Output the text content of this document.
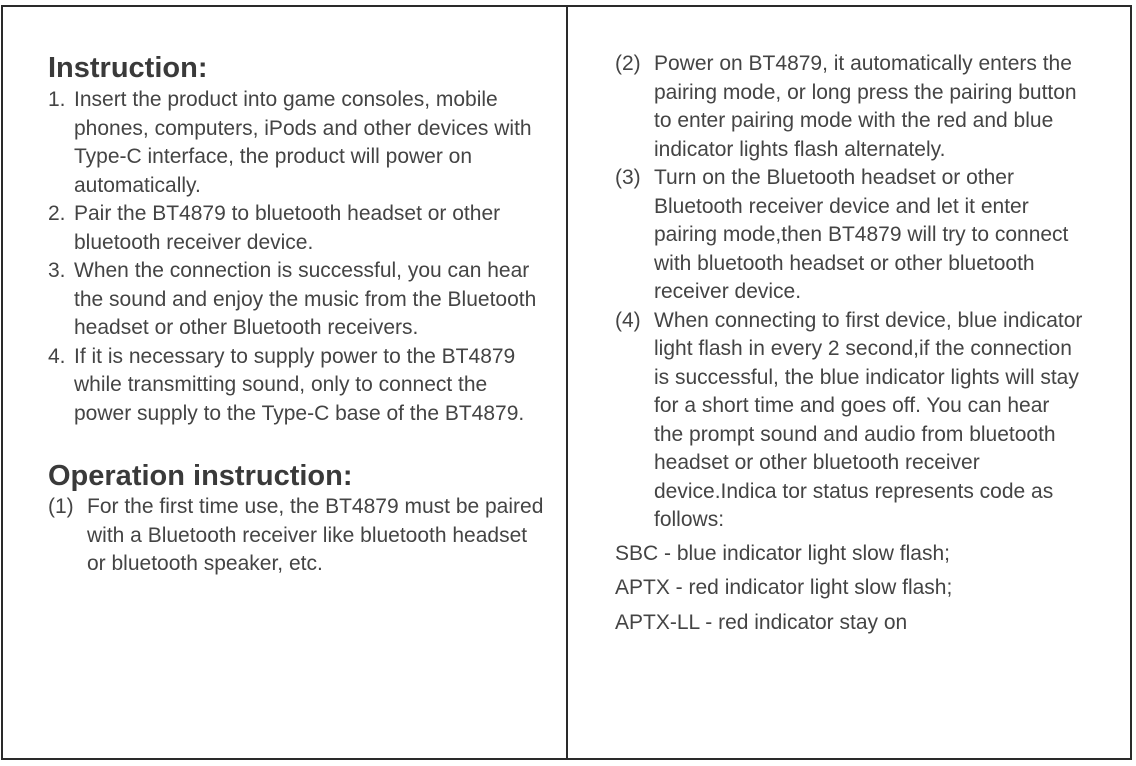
Instruction:
1. Insert the product into game consoles, mobile phones, computers, iPods and other devices with Type-C interface, the product will power on automatically.
2. Pair the BT4879 to bluetooth headset or other bluetooth receiver device.
3. When the connection is successful, you can hear the sound and enjoy the music from the Bluetooth headset or other Bluetooth receivers.
4. If it is necessary to supply power to the BT4879 while transmitting sound, only to connect the power supply to the Type-C base of the BT4879.
Operation instruction:
(1) For the first time use, the BT4879 must be paired with a Bluetooth receiver like bluetooth headset or bluetooth speaker, etc.
(2) Power on BT4879, it automatically enters the pairing mode, or long press the pairing button to enter pairing mode with the red and blue indicator lights flash alternately.
(3) Turn on the Bluetooth headset or other Bluetooth receiver device and let it enter pairing mode,then BT4879 will try to connect with bluetooth headset or other bluetooth receiver device.
(4) When connecting to first device, blue indicator light flash in every 2 second,if the connection is successful, the blue indicator lights will stay for a short time and goes off. You can hear the prompt sound and audio from bluetooth headset or other bluetooth receiver device.Indica tor status represents code as follows:
SBC - blue indicator light slow flash;
APTX - red indicator light slow flash;
APTX-LL - red indicator stay on
